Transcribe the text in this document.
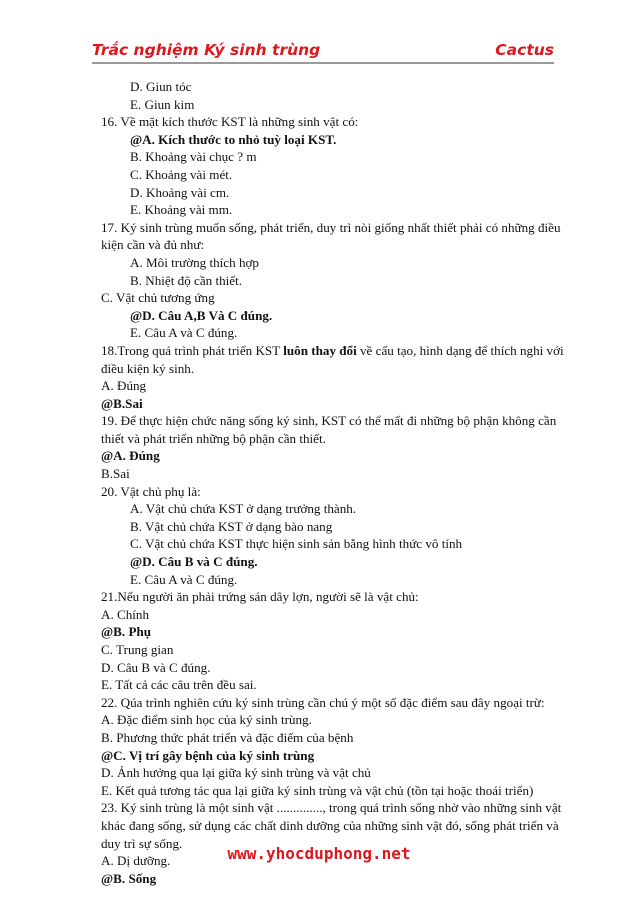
Trắc nghiệm Ký sinh trùng	Cactus
D. Giun tóc
E. Giun kim
16. Về mặt kích thước KST là những sinh vật có:
@A. Kích thước to nhỏ tuỳ loại KST.
B. Khoảng vài chục ? m
C. Khoảng vài mét.
D. Khoảng vài cm.
E. Khoảng vài mm.
17. Ký sinh trùng muốn sống, phát triển, duy trì nòi giống nhất thiết phải có những điều kiện cần và đủ như:
A. Môi trường thích hợp
B. Nhiệt độ cần thiết.
C. Vật chủ tương ứng
@D. Câu A,B Và C đúng.
E. Câu A và C đúng.
18.Trong quá trình phát triển KST luôn thay đổi về cấu tạo, hình dạng để thích nghi với điều kiện ký sinh.
A. Đúng
@B.Sai
19. Để thực hiện chức năng sống ký sinh, KST có thể mất đi những bộ phận không cần thiết và phát triển những bộ phận cần thiết.
@A. Đúng
B.Sai
20. Vật chủ phụ là:
A. Vật chủ chứa KST ở dạng trưởng thành.
B. Vật chủ chứa KST ở dạng bào nang
C. Vật chủ chứa KST thực hiện sinh sản bằng hình thức vô tính
@D. Câu B và C đúng.
E. Câu A và C đúng.
21.Nếu người ăn phải trứng sán dây lợn, người sẽ là vật chủ:
A. Chính
@B. Phụ
C. Trung gian
D. Câu B và C đúng.
E. Tất cả các câu trên đều sai.
22. Qúa trình nghiên cứu ký sinh trùng cần chú ý một số đặc điểm sau đây ngoại trừ:
A. Đặc điểm sinh học của ký sinh trùng.
B. Phương thức phát triển và đặc điểm của bệnh
@C. Vị trí gây bệnh của ký sinh trùng
D. Ảnh hưởng qua lại giữa ký sinh trùng và vật chủ
E. Kết quả tương tác qua lại giữa ký sinh trùng và vật chủ (tồn tại hoặc thoái triển)
23. Ký sinh trùng là một sinh vật .............., trong quá trình sống nhờ vào những sinh vật khác đang sống, sử dụng các chất dinh dưỡng của những sinh vật đó, sống phát triển và duy trì sự sống.
A. Dị dưỡng.
@B. Sống
www.yhocduphong.net
